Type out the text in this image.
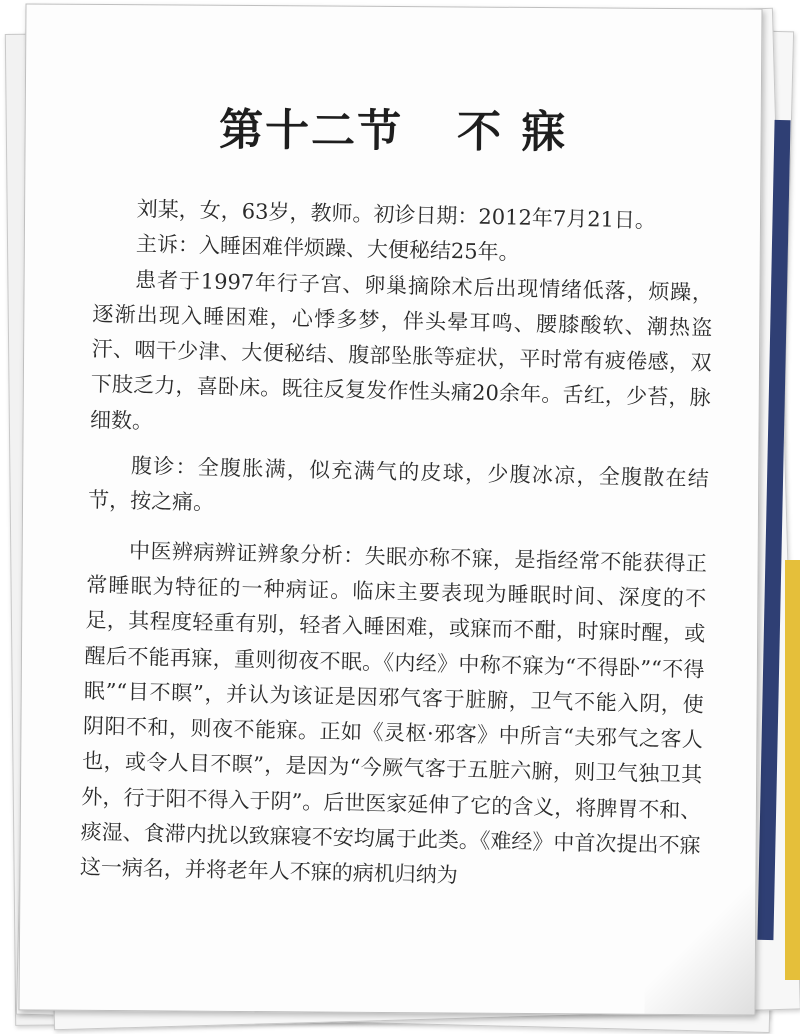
第十二节 不 寐

刘某，女，63岁，教师。初诊日期：2012年7月21日。

主诉：入睡困难伴烦躁、大便秘结25年。

患者于1997年行子宫、卵巢摘除术后出现情绪低落，烦躁，逐渐出现入睡困难，心悸多梦，伴头晕耳鸣、腰膝酸软、潮热盗汗、咽干少津、大便秘结、腹部坠胀等症状，平时常有疲倦感，双下肢乏力，喜卧床。既往反复发作性头痛20余年。舌红，少苔，脉细数。

腹诊：全腹胀满，似充满气的皮球，少腹冰凉，全腹散在结节，按之痛。

中医辨病辨证辨象分析：失眠亦称不寐，是指经常不能获得正常睡眠为特征的一种病证。临床主要表现为睡眠时间、深度的不足，其程度轻重有别，轻者入睡困难，或寐而不酣，时寐时醒，或醒后不能再寐，重则彻夜不眠。《内经》中称不寐为“不得卧”“不得眠”“目不瞑”，并认为该证是因邪气客于脏腑，卫气不能入阴，使阴阳不和，则夜不能寐。正如《灵枢·邪客》中所言“夫邪气之客人也，或令人目不瞑”，是因为“今厥气客于五脏六腑，则卫气独卫其外，行于阳不得入于阴”。后世医家延伸了它的含义，将脾胃不和、痰湿、食滞内扰以致寐寝不安均属于此类。《难经》中首次提出不寐这一病名，并将老年人不寐的病机归纳为
